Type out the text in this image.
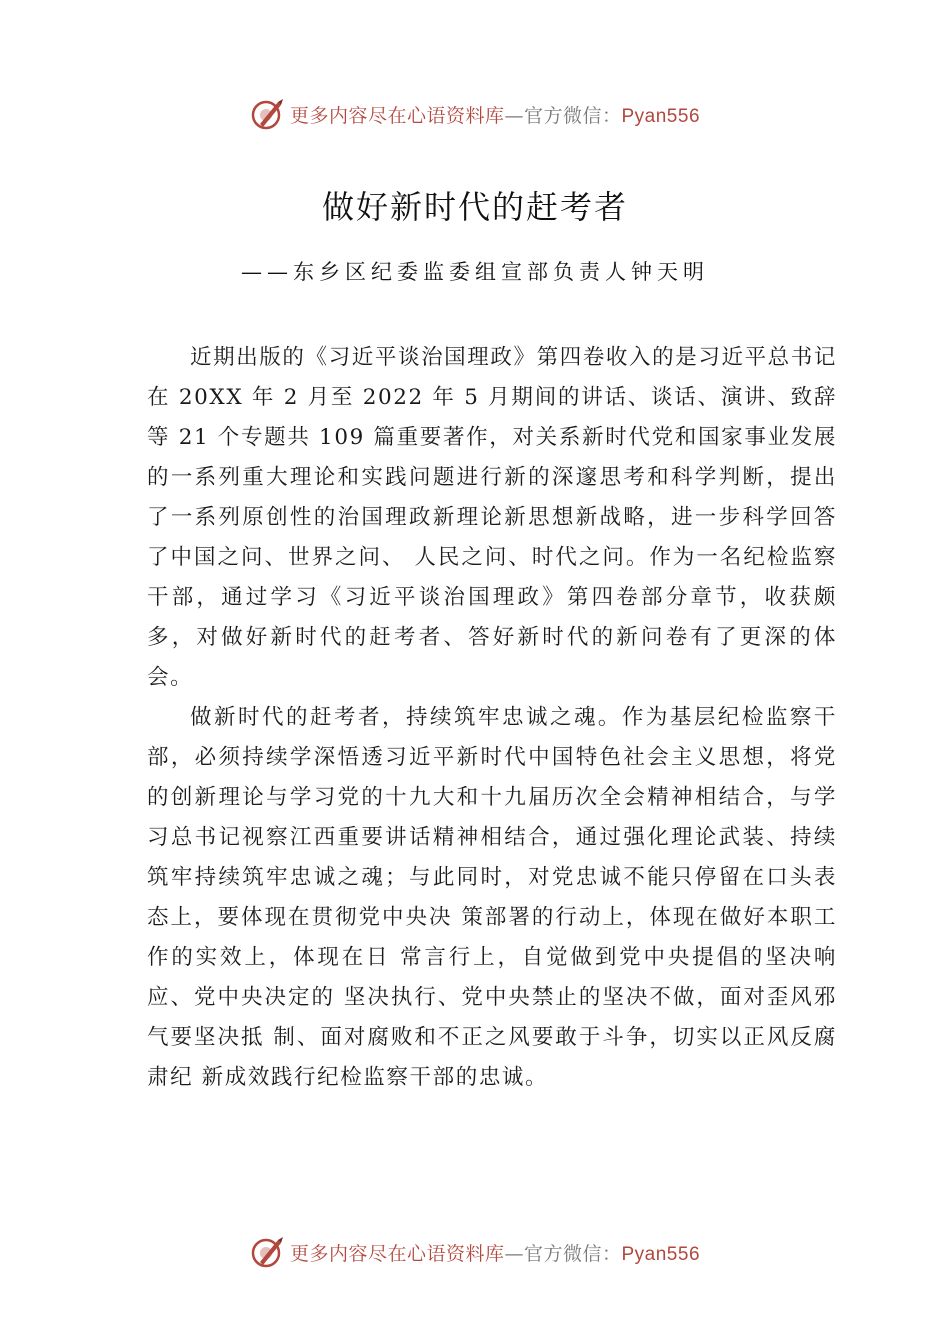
更多内容尽在心语资料库—官方微信：Pyan556
做好新时代的赶考者
——东乡区纪委监委组宣部负责人钟天明

近期出版的《习近平谈治国理政》第四卷收入的是习近平总书记在 20XX 年 2 月至 2022 年 5 月期间的讲话、谈话、演讲、致辞等 21 个专题共 109 篇重要著作，对关系新时代党和国家事业发展的一系列重大理论和实践问题进行新的深邃思考和科学判断，提出了一系列原创性的治国理政新理论新思想新战略，进一步科学回答了中国之问、世界之问、 人民之问、时代之问。作为一名纪检监察干部，通过学习《习近平谈治国理政》第四卷部分章节，收获颇多，对做好新时代的赶考者、答好新时代的新问卷有了更深的体会。

做新时代的赶考者，持续筑牢忠诚之魂。作为基层纪检监察干部，必须持续学深悟透习近平新时代中国特色社会主义思想，将党的创新理论与学习党的十九大和十九届历次全会精神相结合，与学习总书记视察江西重要讲话精神相结合，通过强化理论武装、持续筑牢持续筑牢忠诚之魂；与此同时，对党忠诚不能只停留在口头表态上，要体现在贯彻党中央决 策部署的行动上，体现在做好本职工作的实效上，体现在日 常言行上，自觉做到党中央提倡的坚决响应、党中央决定的 坚决执行、党中央禁止的坚决不做，面对歪风邪气要坚决抵 制、面对腐败和不正之风要敢于斗争，切实以正风反腐肃纪 新成效践行纪检监察干部的忠诚。

更多内容尽在心语资料库—官方微信：Pyan556
